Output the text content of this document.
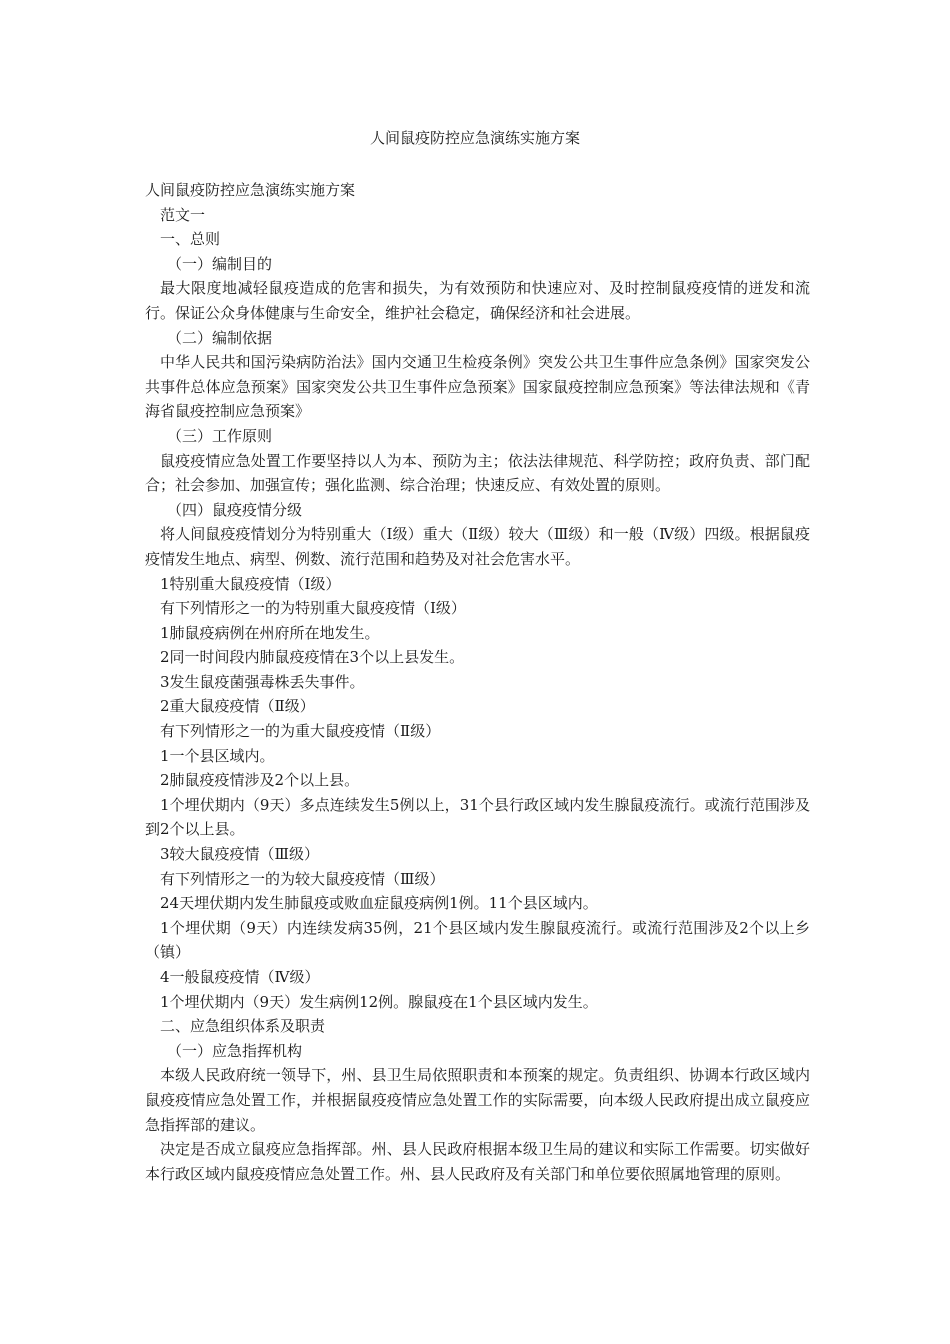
人间鼠疫防控应急演练实施方案

人间鼠疫防控应急演练实施方案

范文一

一、总则

（一）编制目的

最大限度地减轻鼠疫造成的危害和损失，为有效预防和快速应对、及时控制鼠疫疫情的迸发和流行。保证公众身体健康与生命安全，维护社会稳定，确保经济和社会进展。

（二）编制依据

中华人民共和国污染病防治法》国内交通卫生检疫条例》突发公共卫生事件应急条例》国家突发公共事件总体应急预案》国家突发公共卫生事件应急预案》国家鼠疫控制应急预案》等法律法规和《青海省鼠疫控制应急预案》

（三）工作原则

鼠疫疫情应急处置工作要坚持以人为本、预防为主；依法法律规范、科学防控；政府负责、部门配合；社会参加、加强宣传；强化监测、综合治理；快速反应、有效处置的原则。

（四）鼠疫疫情分级

将人间鼠疫疫情划分为特别重大（Ⅰ级）重大（Ⅱ级）较大（Ⅲ级）和一般（Ⅳ级）四级。根据鼠疫疫情发生地点、病型、例数、流行范围和趋势及对社会危害水平。

1特别重大鼠疫疫情（Ⅰ级）

有下列情形之一的为特别重大鼠疫疫情（Ⅰ级）

1肺鼠疫病例在州府所在地发生。

2同一时间段内肺鼠疫疫情在3个以上县发生。

3发生鼠疫菌强毒株丢失事件。

2重大鼠疫疫情（Ⅱ级）

有下列情形之一的为重大鼠疫疫情（Ⅱ级）

1一个县区域内。

2肺鼠疫疫情涉及2个以上县。

1个埋伏期内（9天）多点连续发生5例以上，31个县行政区域内发生腺鼠疫流行。或流行范围涉及到2个以上县。

3较大鼠疫疫情（Ⅲ级）

有下列情形之一的为较大鼠疫疫情（Ⅲ级）

24天埋伏期内发生肺鼠疫或败血症鼠疫病例1例。11个县区域内。

1个埋伏期（9天）内连续发病35例，21个县区域内发生腺鼠疫流行。或流行范围涉及2个以上乡（镇）

4一般鼠疫疫情（Ⅳ级）

1个埋伏期内（9天）发生病例12例。腺鼠疫在1个县区域内发生。

二、应急组织体系及职责

（一）应急指挥机构

本级人民政府统一领导下，州、县卫生局依照职责和本预案的规定。负责组织、协调本行政区域内鼠疫疫情应急处置工作，并根据鼠疫疫情应急处置工作的实际需要，向本级人民政府提出成立鼠疫应急指挥部的建议。

决定是否成立鼠疫应急指挥部。州、县人民政府根据本级卫生局的建议和实际工作需要。切实做好本行政区域内鼠疫疫情应急处置工作。州、县人民政府及有关部门和单位要依照属地管理的原则。
